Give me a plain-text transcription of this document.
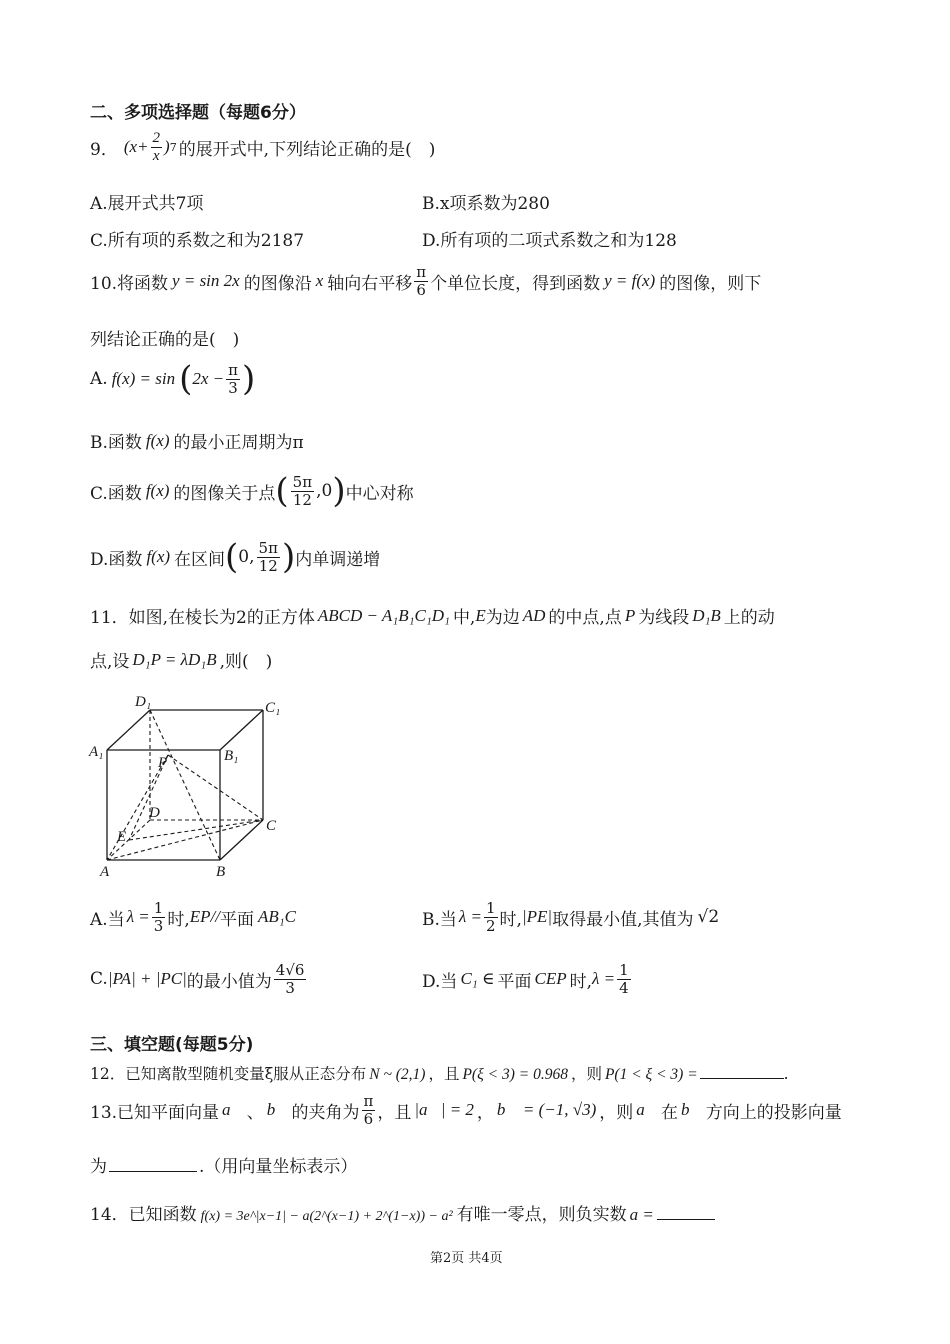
二、多项选择题（每题6分）
9． ($x+ \frac{2}{x}$ ) 7 的展开式中,下列结论正确的是(　)
A.展开式共7项	B.x项系数为280
C.所有项的系数之和为2187	D.所有项的二项式系数之和为128
10.将函数 y = sin 2x 的图像沿 x 轴向右平移 $\frac{\pi}{6}$ 个单位长度，得到函数 y = f(x) 的图像，则下
列结论正确的是(　)
A. f(x) = sin ( $2x - \frac{\pi}{3}$ )
B.函数 f(x) 的最小正周期为π
C.函数 f(x) 的图像关于点 ( $\frac{5\pi}{12} ,0$ ) 中心对称
D.函数 f(x) 在区间 ( 0, $\frac{5\pi}{12}$ ) 内单调递增
11．如图,在棱长为2的正方体 ABCD − A₁B₁C₁D₁ 中, E 为边 AD 的中点,点 P 为线段 D₁B 上的动
点,设 D₁P = λD₁B ,则(　)
D₁	C₁
A₁	B₁
P
D
C
E
A	B
A.当 $\lambda = \frac{1}{3}$ 时, EP// 平面 AB₁C	B.当 $\lambda = \frac{1}{2}$ 时, |PE| 取得最小值,其值为 √2
C. |PA| + |PC| 的最小值为 $\frac{4√6}{3}$	D.当 C₁ ∈ 平面 CEP 时, $\lambda = \frac{1}{4}$
三、填空题(每题5分)
12．已知离散型随机变量ξ服从正态分布 N ~ (2,1) ，且 P(ξ < 3) = 0.968 ，则 P(1 < ξ < 3) =	.
13.已知平面向量 a⃗ 、 b⃗ 的夹角为 $\frac{\pi}{6}$ ，且 |a⃗| = 2 ， b⃗ = (−1, √3) ，则 a⃗ 在 b⃗ 方向上的投影向量
为	.（用向量坐标表示）
14．已知函数 f(x) = 3e^|x−1| − a(2^(x−1) + 2^(1−x)) − a² 有唯一零点，则负实数 a =
第2页 共4页
